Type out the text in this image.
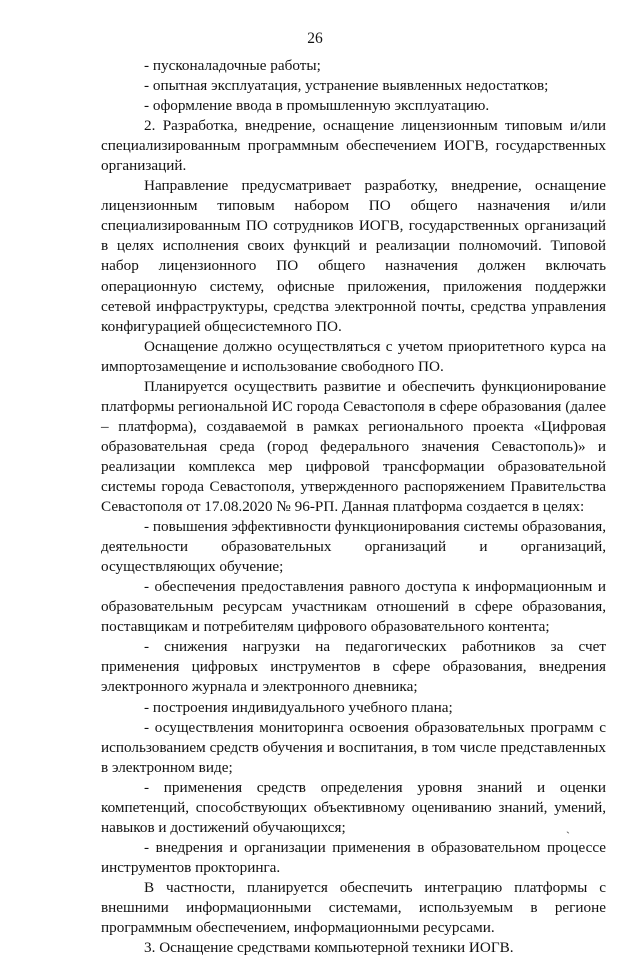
26

- пусконаладочные работы;

- опытная эксплуатация, устранение выявленных недостатков;

- оформление ввода в промышленную эксплуатацию.

2. Разработка, внедрение, оснащение лицензионным типовым и/или специализированным программным обеспечением ИОГВ, государственных организаций.

Направление предусматривает разработку, внедрение, оснащение лицензионным типовым набором ПО общего назначения и/или специализированным ПО сотрудников ИОГВ, государственных организаций в целях исполнения своих функций и реализации полномочий. Типовой набор лицензионного ПО общего назначения должен включать операционную систему, офисные приложения, приложения поддержки сетевой инфраструктуры, средства электронной почты, средства управления конфигурацией общесистемного ПО.

Оснащение должно осуществляться с учетом приоритетного курса на импортозамещение и использование свободного ПО.

Планируется осуществить развитие и обеспечить функционирование платформы региональной ИС города Севастополя в сфере образования (далее – платформа), создаваемой в рамках регионального проекта «Цифровая образовательная среда (город федерального значения Севастополь)» и реализации комплекса мер цифровой трансформации образовательной системы города Севастополя, утвержденного распоряжением Правительства Севастополя от 17.08.2020 № 96-РП. Данная платформа создается в целях:

- повышения эффективности функционирования системы образования, деятельности образовательных организаций и организаций, осуществляющих обучение;

- обеспечения предоставления равного доступа к информационным и образовательным ресурсам участникам отношений в сфере образования, поставщикам и потребителям цифрового образовательного контента;

- снижения нагрузки на педагогических работников за счет применения цифровых инструментов в сфере образования, внедрения электронного журнала и электронного дневника;

- построения индивидуального учебного плана;

- осуществления мониторинга освоения образовательных программ с использованием средств обучения и воспитания, в том числе представленных в электронном виде;

- применения средств определения уровня знаний и оценки компетенций, способствующих объективному оцениванию знаний, умений, навыков и достижений обучающихся;

- внедрения и организации применения в образовательном процессе инструментов прокторинга.

В частности, планируется обеспечить интеграцию платформы с внешними информационными системами, используемым в регионе программным обеспечением, информационными ресурсами.

3. Оснащение средствами компьютерной техники ИОГВ.

ˎ
